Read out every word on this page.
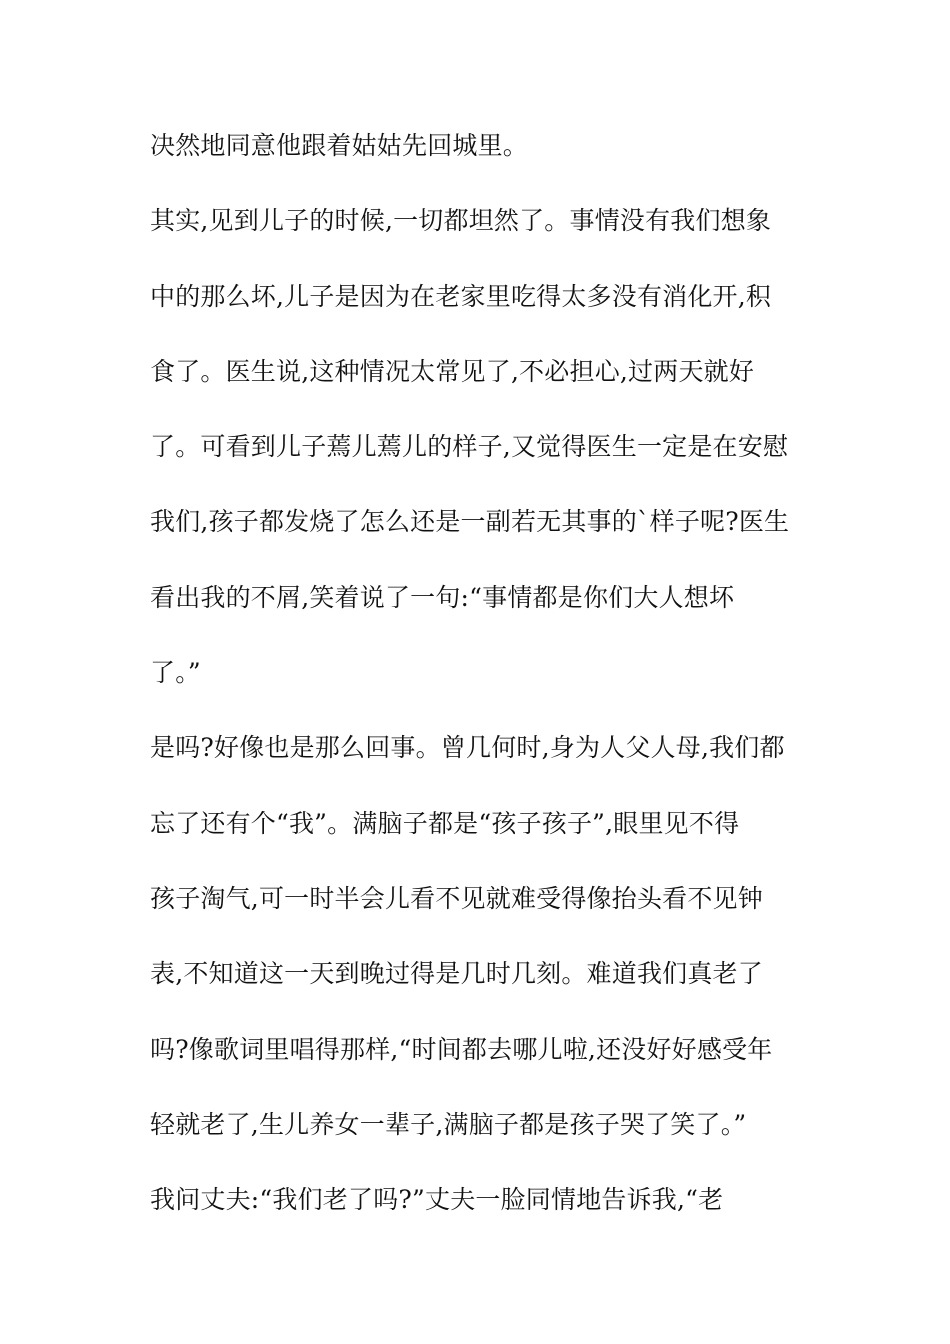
决然地同意他跟着姑姑先回城里。
其实,见到儿子的时候,一切都坦然了。事情没有我们想象
中的那么坏,儿子是因为在老家里吃得太多没有消化开,积
食了。医生说,这种情况太常见了,不必担心,过两天就好
了。可看到儿子蔫儿蔫儿的样子,又觉得医生一定是在安慰
我们,孩子都发烧了怎么还是一副若无其事的`样子呢?医生
看出我的不屑,笑着说了一句:“事情都是你们大人想坏
了。”
是吗?好像也是那么回事。曾几何时,身为人父人母,我们都
忘了还有个“我”。满脑子都是“孩子孩子”,眼里见不得
孩子淘气,可一时半会儿看不见就难受得像抬头看不见钟
表,不知道这一天到晚过得是几时几刻。难道我们真老了
吗?像歌词里唱得那样,“时间都去哪儿啦,还没好好感受年
轻就老了,生儿养女一辈子,满脑子都是孩子哭了笑了。”
我问丈夫:“我们老了吗?”丈夫一脸同情地告诉我,“老
